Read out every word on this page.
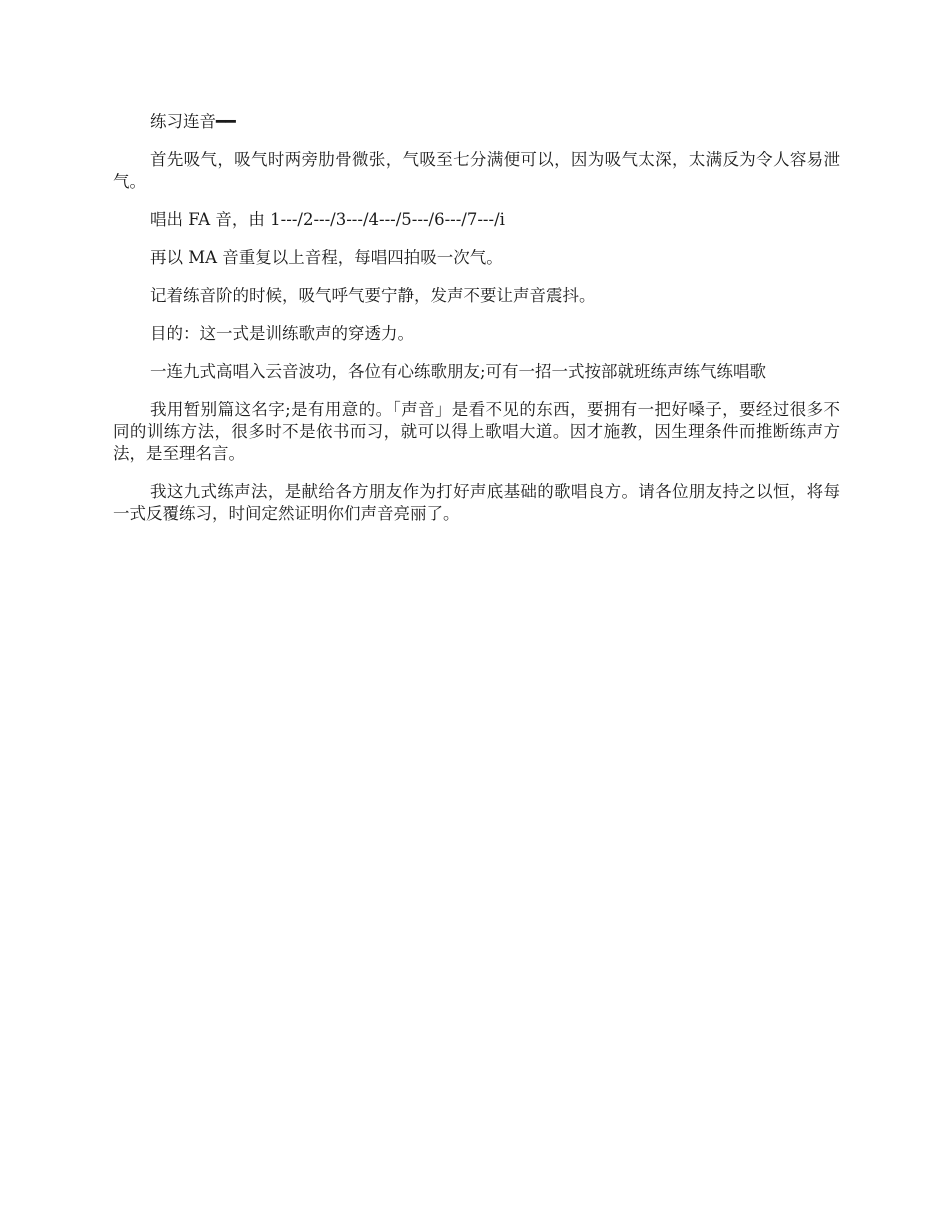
练习连音━━

首先吸气，吸气时两旁肋骨微张，气吸至七分满便可以，因为吸气太深，太满反为令人容易泄气。

唱出 FA 音，由 1---/2---/3---/4---/5---/6---/7---/i

再以 MA 音重复以上音程，每唱四拍吸一次气。

记着练音阶的时候，吸气呼气要宁静，发声不要让声音震抖。

目的：这一式是训练歌声的穿透力。

一连九式高唱入云音波功，各位有心练歌朋友;可有一招一式按部就班练声练气练唱歌

我用暂别篇这名字;是有用意的。「声音」是看不见的东西，要拥有一把好嗓子，要经过很多不同的训练方法，很多时不是依书而习，就可以得上歌唱大道。因才施教，因生理条件而推断练声方法，是至理名言。

我这九式练声法，是献给各方朋友作为打好声底基础的歌唱良方。请各位朋友持之以恒，将每一式反覆练习，时间定然证明你们声音亮丽了。
